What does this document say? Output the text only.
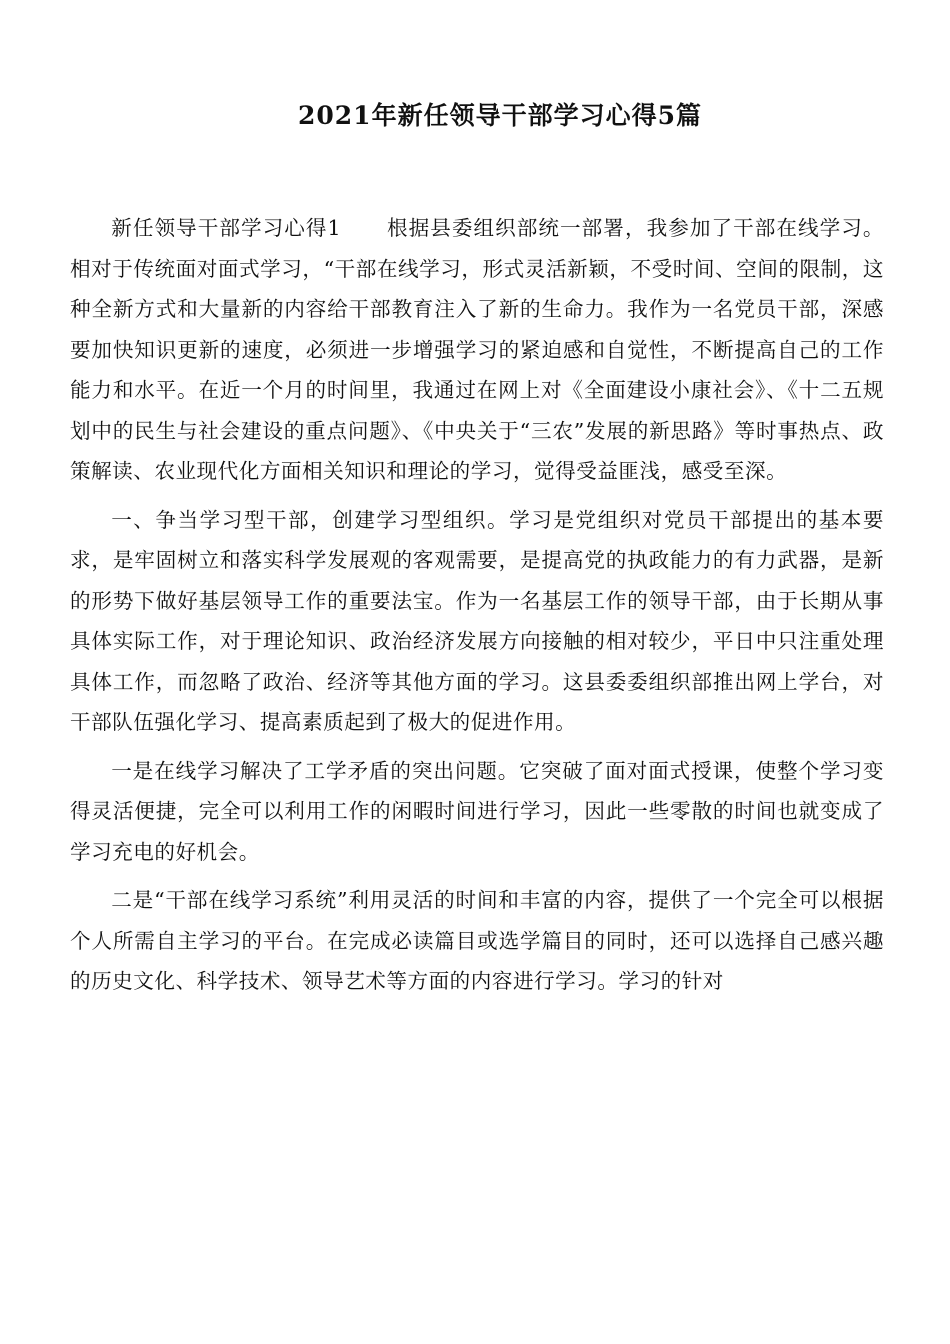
2021年新任领导干部学习心得5篇

新任领导干部学习心得1 根据县委组织部统一部署，我参加了干部在线学习。相对于传统面对面式学习，“干部在线学习，形式灵活新颖，不受时间、空间的限制，这种全新方式和大量新的内容给干部教育注入了新的生命力。我作为一名党员干部，深感要加快知识更新的速度，必须进一步增强学习的紧迫感和自觉性，不断提高自己的工作能力和水平。在近一个月的时间里，我通过在网上对《全面建设小康社会》、《十二五规划中的民生与社会建设的重点问题》、《中央关于“三农”发展的新思路》等时事热点、政策解读、农业现代化方面相关知识和理论的学习，觉得受益匪浅，感受至深。

一、争当学习型干部，创建学习型组织。学习是党组织对党员干部提出的基本要求，是牢固树立和落实科学发展观的客观需要，是提高党的执政能力的有力武器，是新的形势下做好基层领导工作的重要法宝。作为一名基层工作的领导干部，由于长期从事具体实际工作，对于理论知识、政治经济发展方向接触的相对较少，平日中只注重处理具体工作，而忽略了政治、经济等其他方面的学习。这县委委组织部推出网上学台，对干部队伍强化学习、提高素质起到了极大的促进作用。

一是在线学习解决了工学矛盾的突出问题。它突破了面对面式授课，使整个学习变得灵活便捷，完全可以利用工作的闲暇时间进行学习，因此一些零散的时间也就变成了学习充电的好机会。

二是“干部在线学习系统”利用灵活的时间和丰富的内容，提供了一个完全可以根据个人所需自主学习的平台。在完成必读篇目或选学篇目的同时，还可以选择自己感兴趣的历史文化、科学技术、领导艺术等方面的内容进行学习。学习的针对
